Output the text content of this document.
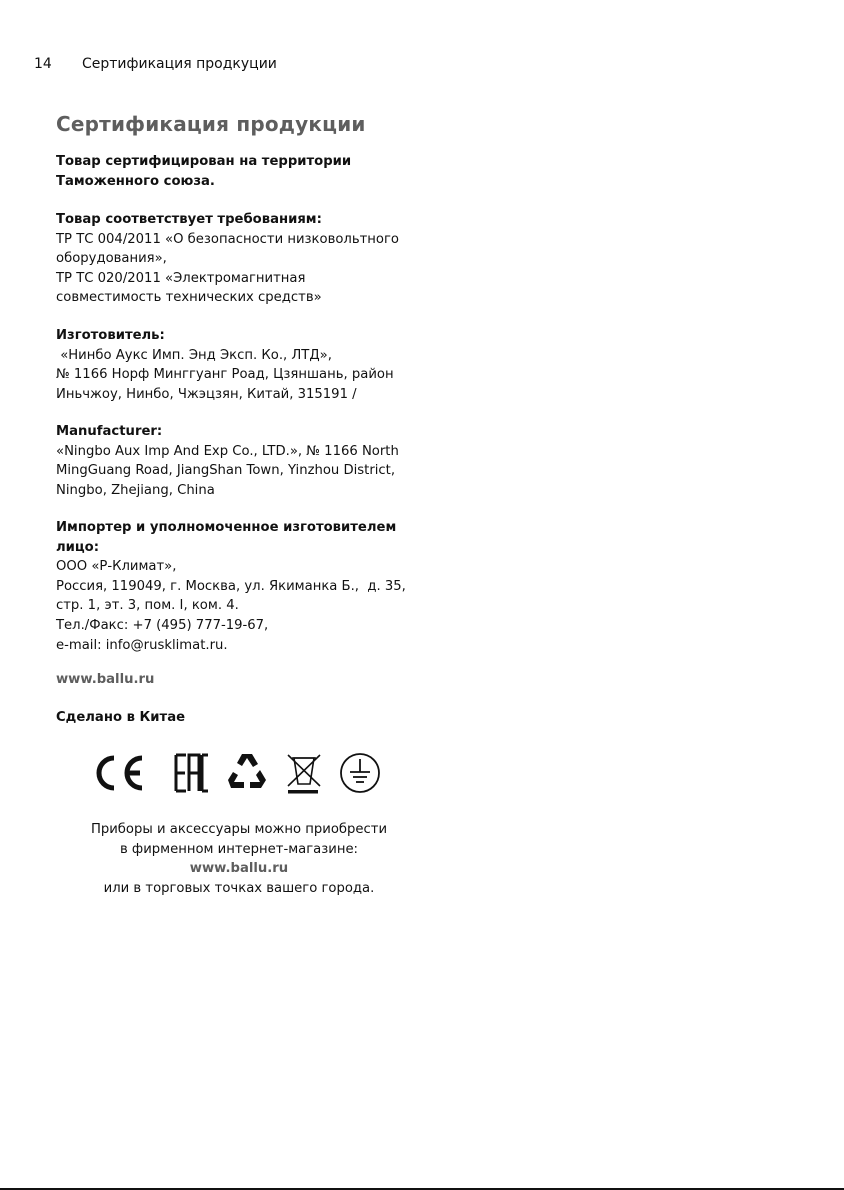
14 Сертификация продкуции
Сертификация продукции
Товар сертифицирован на территории
Таможенного союза.
Товар соответствует требованиям:
ТР ТС 004/2011 «О безопасности низковольтного
оборудования»,
ТР ТС 020/2011 «Электромагнитная
совместимость технических средств»
Изготовитель:
«Нинбо Аукс Имп. Энд Эксп. Ко., ЛТД»,
№ 1166 Норф Минггуанг Роад, Цзяншань, район
Иньчжоу, Нинбо, Чжэцзян, Китай, 315191 /
Manufacturer:
«Ningbo Aux Imp And Exp Co., LTD.», № 1166 North
MingGuang Road, JiangShan Town, Yinzhou District,
Ningbo, Zhejiang, China
Импортер и уполномоченное изготовителем
лицо:
ООО «Р-Климат»,
Россия, 119049, г. Москва, ул. Якиманка Б.,  д. 35,
стр. 1, эт. 3, пом. I, ком. 4.
Тел./Факс: +7 (495) 777-19-67,
e-mail: info@rusklimat.ru.
www.ballu.ru
Сделано в Китае
Приборы и аксессуары можно приобрести
в фирменном интернет-магазине:
www.ballu.ru
или в торговых точках вашего города.
